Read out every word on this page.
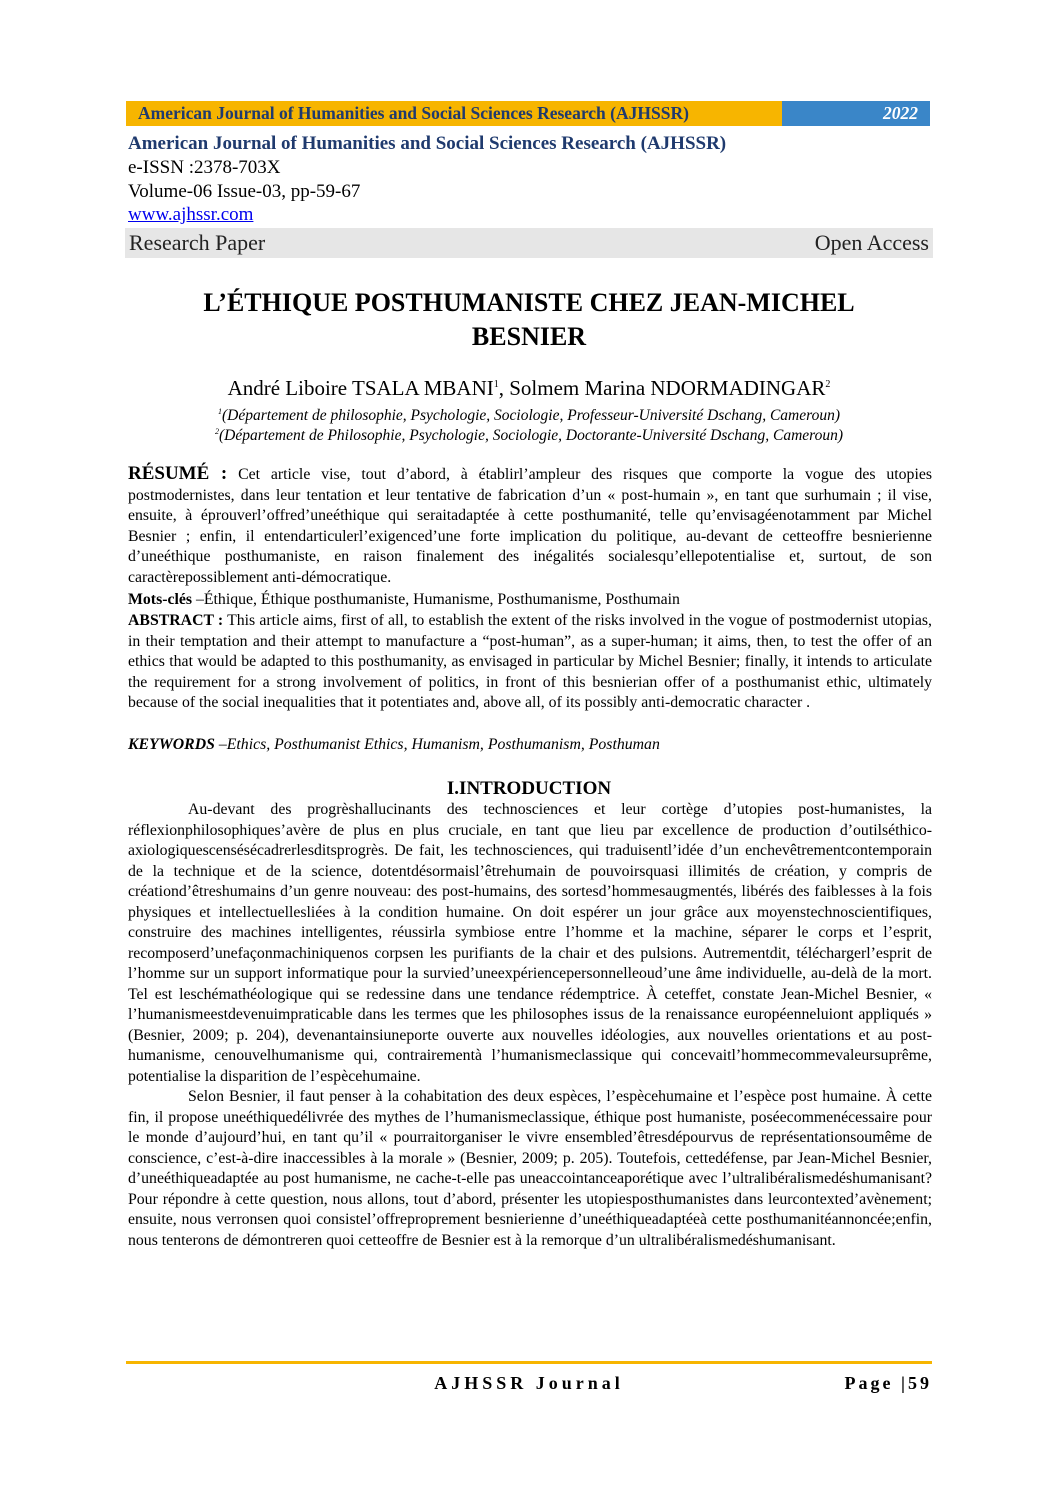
American Journal of Humanities and Social Sciences Research (AJHSSR)	2022
American Journal of Humanities and Social Sciences Research (AJHSSR)
e-ISSN :2378-703X
Volume-06 Issue-03, pp-59-67
www.ajhssr.com
Research Paper	Open Access
L’ÉTHIQUE POSTHUMANISTE CHEZ JEAN-MICHEL
BESNIER
André Liboire TSALA MBANI$^1$, Solmem Marina NDORMADINGAR$^2$
$^1$(Département de philosophie, Psychologie, Sociologie, Professeur-Université Dschang, Cameroun)
$^2$(Département de Philosophie, Psychologie, Sociologie, Doctorante-Université Dschang, Cameroun)
RÉSUMÉ : Cet article vise, tout d’abord, à établirl’ampleur des risques que comporte la vogue des utopies postmodernistes, dans leur tentation et leur tentative de fabrication d’un « post-humain », en tant que surhumain ; il vise, ensuite, à éprouverl’offred’uneéthique qui seraitadaptée à cette posthumanité, telle qu’envisagéenotamment par Michel Besnier ; enfin, il entendarticulerl’exigenced’une forte implication du politique, au-devant de cetteoffre besnierienne d’uneéthique posthumaniste, en raison finalement des inégalités socialesqu’ellepotentialise et, surtout, de son caractèrepossiblement anti-démocratique.
Mots-clés –Éthique, Éthique posthumaniste, Humanisme, Posthumanisme, Posthumain
ABSTRACT : This article aims, first of all, to establish the extent of the risks involved in the vogue of postmodernist utopias, in their temptation and their attempt to manufacture a “post-human”, as a super-human; it aims, then, to test the offer of an ethics that would be adapted to this posthumanity, as envisaged in particular by Michel Besnier; finally, it intends to articulate the requirement for a strong involvement of politics, in front of this besnierian offer of a posthumanist ethic, ultimately because of the social inequalities that it potentiates and, above all, of its possibly anti-democratic character .
KEYWORDS –Ethics, Posthumanist Ethics, Humanism, Posthumanism, Posthuman
I.INTRODUCTION

Au-devant des progrèshallucinants des technosciences et leur cortège d’utopies post-humanistes, la réflexionphilosophiques’avère de plus en plus cruciale, en tant que lieu par excellence de production d’outilséthico-axiologiquescensésécadrerlesditsprogrès. De fait, les technosciences, qui traduisentl’idée d’un enchevêtrementcontemporain de la technique et de la science, dotentdésormaisl’êtrehumain de pouvoirsquasi illimités de création, y compris de créationd’êtreshumains d’un genre nouveau: des post-humains, des sortesd’hommesaugmentés, libérés des faiblesses à la fois physiques et intellectuellesliées à la condition humaine. On doit espérer un jour grâce aux moyenstechnoscientifiques, construire des machines intelligentes, réussirla symbiose entre l’homme et la machine, séparer le corps et l’esprit, recomposerd’unefaçonmachiniquenos corpsen les purifiants de la chair et des pulsions. Autrementdit, téléchargerl’esprit de l’homme sur un support informatique pour la survied’uneexpériencepersonnelleoud’une âme individuelle, au-delà de la mort. Tel est leschémathéologique qui se redessine dans une tendance rédemptrice. À ceteffet, constate Jean-Michel Besnier, « l’humanismeestdevenuimpraticable dans les termes que les philosophes issus de la renaissance européenneluiont appliqués » (Besnier, 2009; p. 204), devenantainsiuneporte ouverte aux nouvelles idéologies, aux nouvelles orientations et au post-humanisme, cenouvelhumanisme qui, contrairementà l’humanismeclassique qui concevaitl’hommecommevaleursuprême, potentialise la disparition de l’espècehumaine.

Selon Besnier, il faut penser à la cohabitation des deux espèces, l’espècehumaine et l’espèce post humaine. À cette fin, il propose uneéthiquedélivrée des mythes de l’humanismeclassique, éthique post humaniste, poséecommenécessaire pour le monde d’aujourd’hui, en tant qu’il « pourraitorganiser le vivre ensembled’êtresdépourvus de représentationsoumême de conscience, c’est-à-dire inaccessibles à la morale » (Besnier, 2009; p. 205). Toutefois, cettedéfense, par Jean-Michel Besnier, d’uneéthiqueadaptée au post humanisme, ne cache-t-elle pas uneaccointanceaporétique avec l’ultralibéralismedéshumanisant? Pour répondre à cette question, nous allons, tout d’abord, présenter les utopiesposthumanistes dans leurcontexted’avènement; ensuite, nous verronsen quoi consistel’offreproprement besnierienne d’uneéthiqueadaptéeà cette posthumanitéannoncée;enfin, nous tenterons de démontreren quoi cetteoffre de Besnier est à la remorque d’un ultralibéralismedéshumanisant.

AJHSSR Journal	Page |59
